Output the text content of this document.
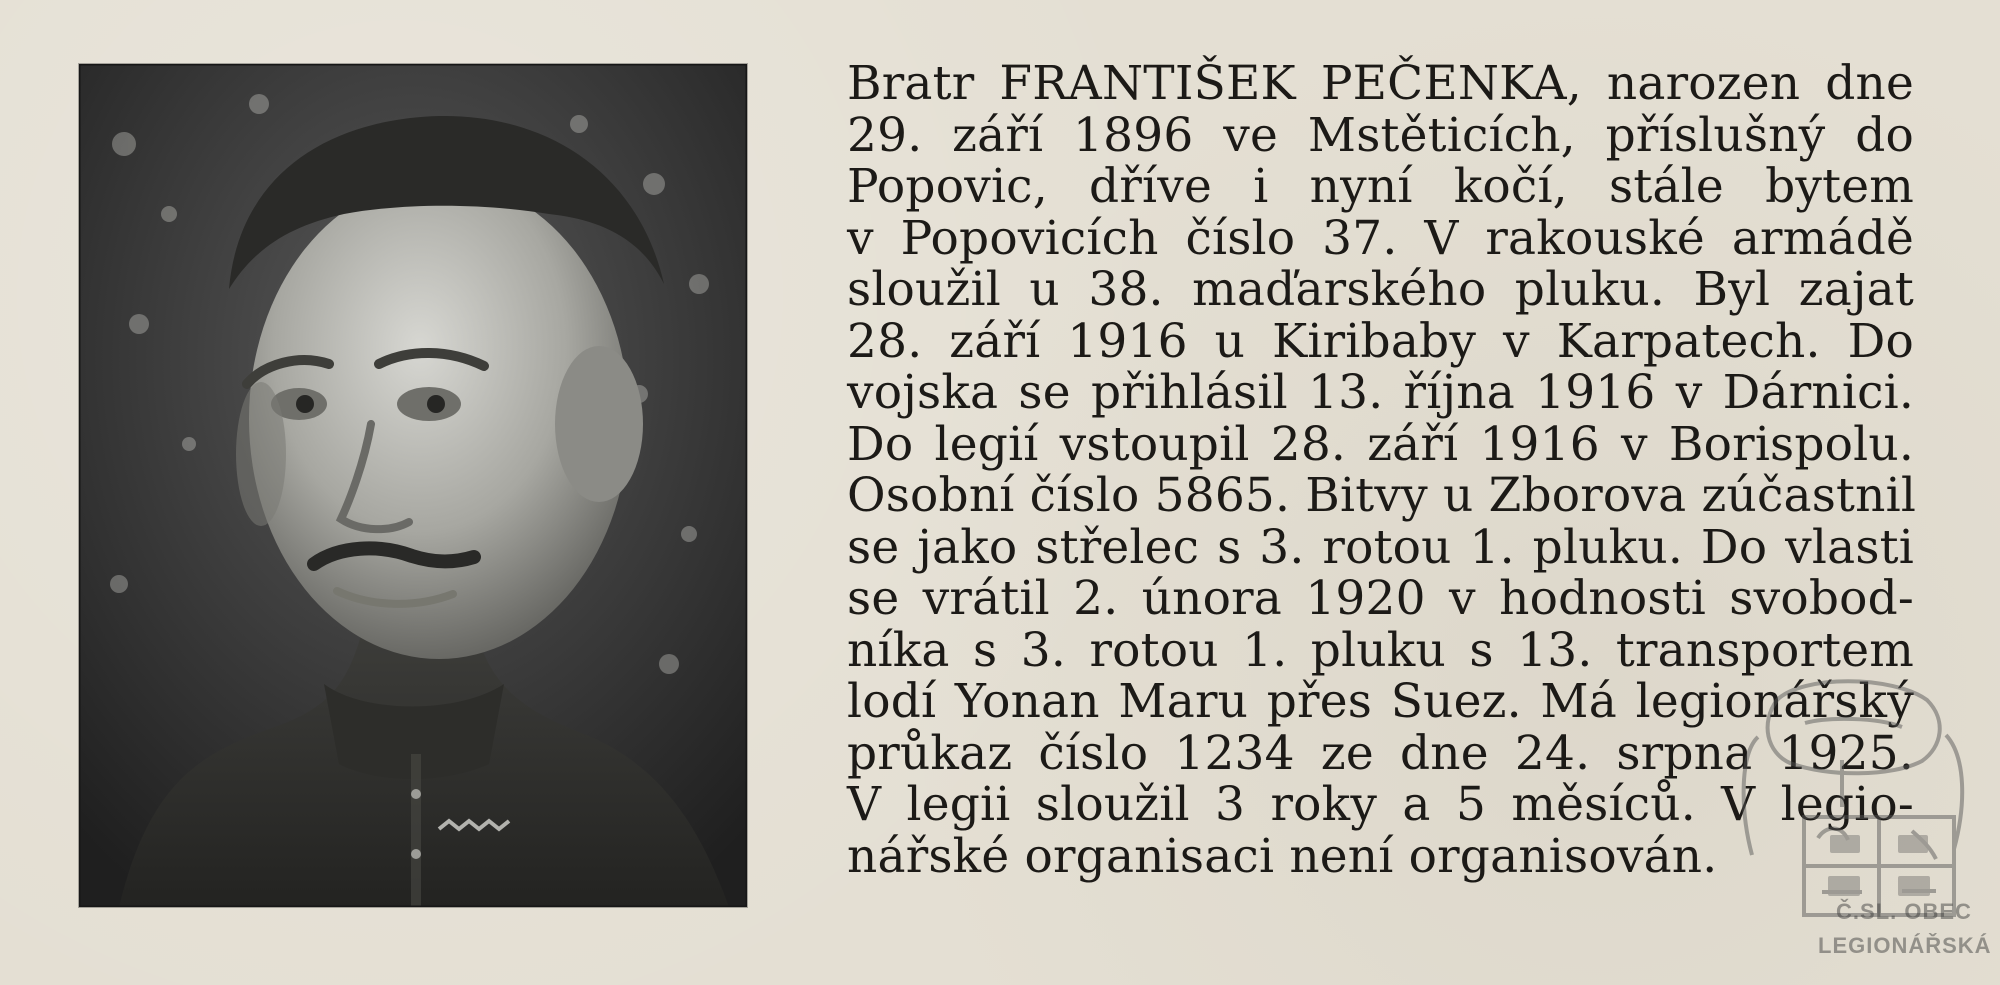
Bratr FRANTIŠEK PEČENKA, narozen dne
29. září 1896 ve Mstěticích, příslušný do
Popovic, dříve i nyní kočí, stále bytem
v Popovicích číslo 37. V rakouské armádě
sloužil u 38. maďarského pluku. Byl zajat
28. září 1916 u Kiribaby v Karpatech. Do
vojska se přihlásil 13. října 1916 v Dárnici.
Do legií vstoupil 28. září 1916 v Borispolu.
Osobní číslo 5865. Bitvy u Zborova zúčastnil
se jako střelec s 3. rotou 1. pluku. Do vlasti
se vrátil 2. února 1920 v hodnosti svobod-
níka s 3. rotou 1. pluku s 13. transportem
lodí Yonan Maru přes Suez. Má legionářský
průkaz číslo 1234 ze dne 24. srpna 1925.
V legii sloužil 3 roky a 5 měsíců. V legio-
nářské organisaci není organisován.
Č.SL. OBEC
LEGIONÁŘSKÁ
